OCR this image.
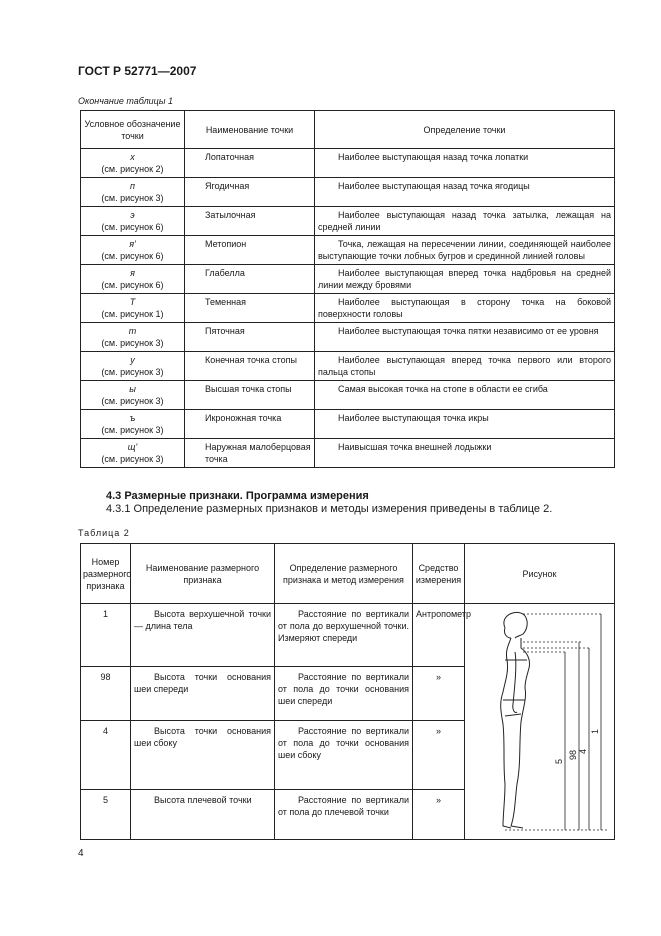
ГОСТ Р 52771—2007
Окончание таблицы 1
Условное обозначение точки	Наименование точки	Определение точки

х
(см. рисунок 2)	Лопаточная	Наиболее выступающая назад точка лопатки

п
(см. рисунок 3)	Ягодичная	Наиболее выступающая назад точка ягодицы

э
(см. рисунок 6)	Затылочная	Наиболее выступающая назад точка затылка, лежащая на средней линии

я'
(см. рисунок 6)	Метопион	Точка, лежащая на пересечении линии, соединяющей наиболее выступающие точки лобных бугров и срединной линией головы

я
(см. рисунок 6)	Глабелла	Наиболее выступающая вперед точка надбровья на средней линии между бровями

Т
(см. рисунок 1)	Теменная	Наиболее выступающая в сторону точка на боковой поверхности головы

т
(см. рисунок 3)	Пяточная	Наиболее выступающая точка пятки независимо от ее уровня

у
(см. рисунок 3)	Конечная точка стопы	Наиболее выступающая вперед точка первого или второго пальца стопы

ы
(см. рисунок 3)	Высшая точка стопы	Самая высокая точка на стопе в области ее сгиба

ъ
(см. рисунок 3)	Икроножная точка	Наиболее выступающая точка икры

щ'
(см. рисунок 3)	Наружная малоберцовая точка	Наивысшая точка внешней лодыжки
4.3 Размерные признаки. Программа измерения
4.3.1 Определение размерных признаков и методы измерения приведены в таблице 2.
Таблица 2
Номер размерного признака	Наименование размерного признака	Определение размерного признака и метод измерения	Средство измерения	Рисунок
1	Высота верхушечной точки — длина тела	Расстояние по вертикали от пола до верхушечной точки. Измеряют спереди	Антропометр	5
98 4
1

98	Высота точки основания шеи спереди	Расстояние по вертикали от пола до точки основания шеи спереди	»	
4	Высота точки основания шеи сбоку	Расстояние по вертикали от пола до точки основания шеи сбоку	»	
5	Высота плечевой точки	Расстояние по вертикали от пола до плечевой точки	»	
4
